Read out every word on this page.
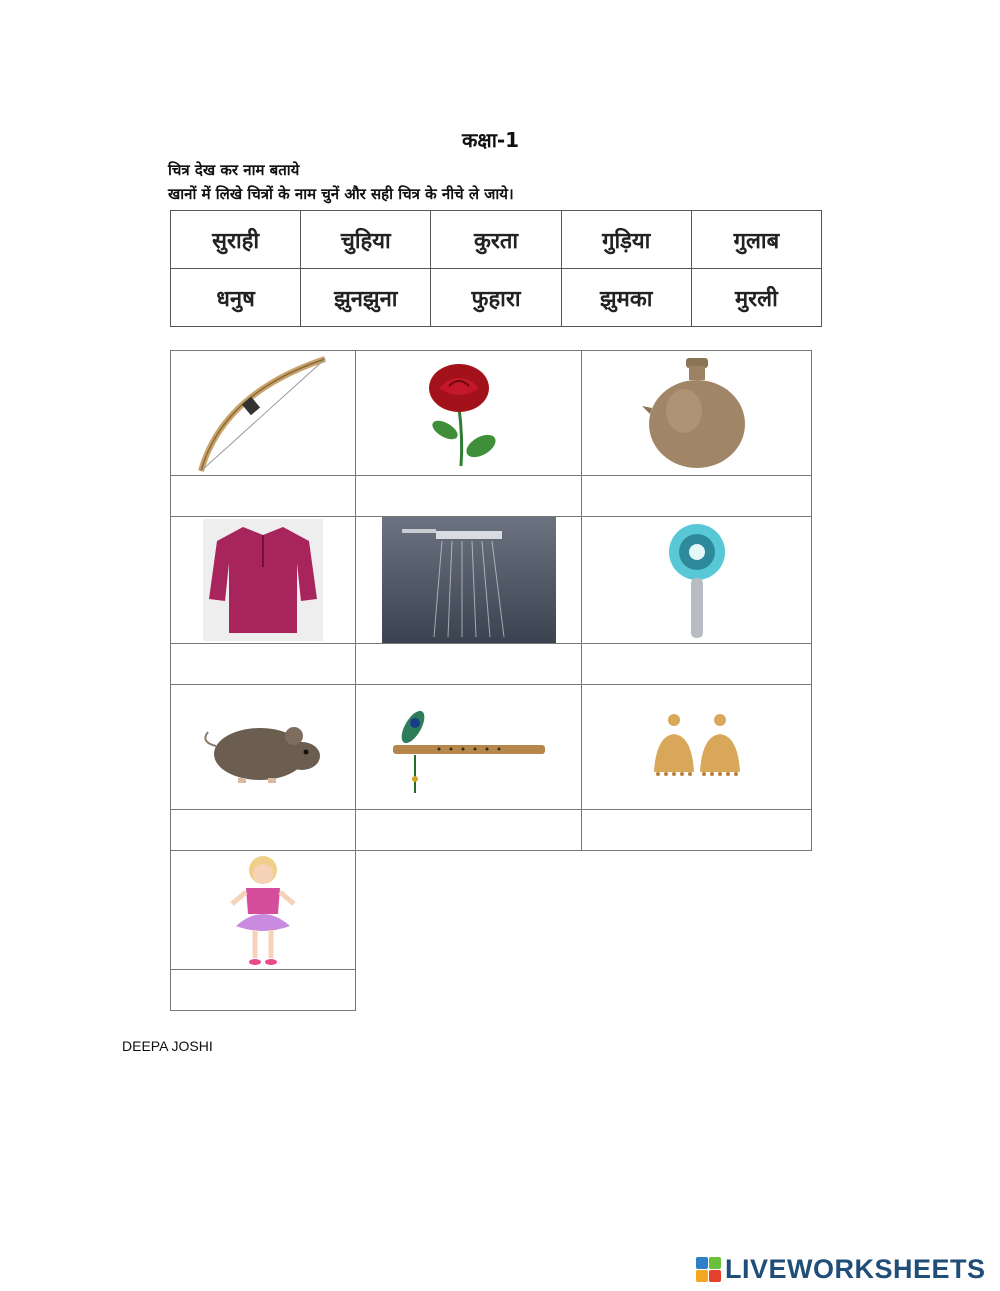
कक्षा-1
चित्र देख कर नाम बताये
खानों में लिखे चित्रों के नाम चुनें और सही चित्र के नीचे ले जाये।
सुराही	चुहिया	कुरता	गुड़िया	गुलाब
धनुष	झुनझुना	फुहारा	झुमका	मुरली

DEEPA JOSHI
LIVEWORKSHEETS
